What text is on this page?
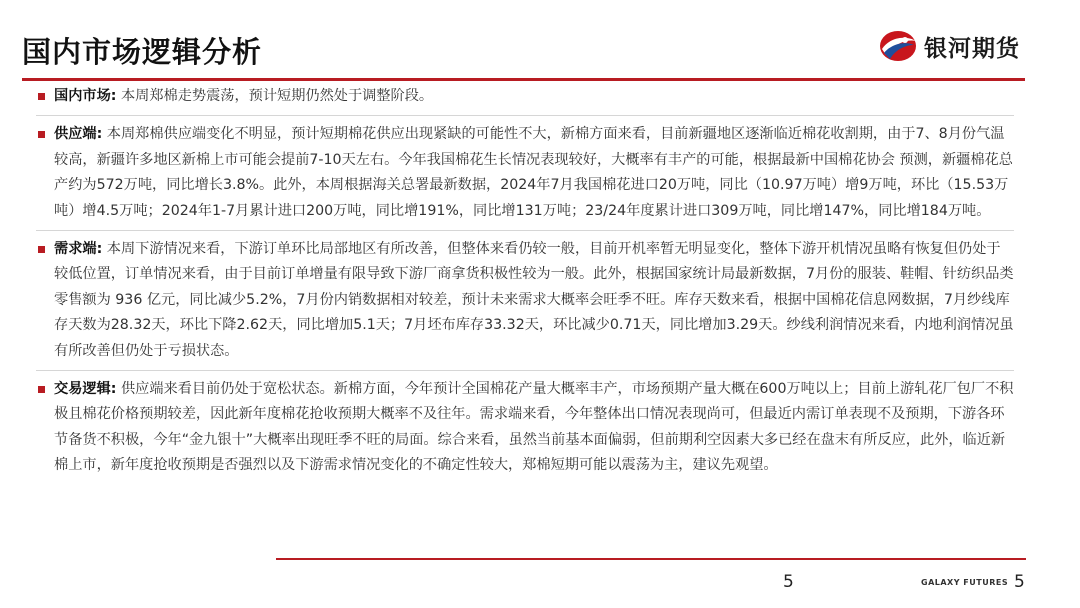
国内市场逻辑分析	银河期货
国内市场: 本周郑棉走势震荡，预计短期仍然处于调整阶段。
供应端: 本周郑棉供应端变化不明显，预计短期棉花供应出现紧缺的可能性不大，新棉方面来看，目前新疆地区逐渐临近棉花收割期，由于7、8月份气温较高，新疆许多地区新棉上市可能会提前7-10天左右。今年我国棉花生长情况表现较好，大概率有丰产的可能，根据最新中国棉花协会 预测，新疆棉花总产约为572万吨，同比增长3.8%。此外，本周根据海关总署最新数据，2024年7月我国棉花进口20万吨，同比（10.97万吨）增9万吨，环比（15.53万吨）增4.5万吨；2024年1-7月累计进口200万吨，同比增191%，同比增131万吨；23/24年度累计进口309万吨，同比增147%，同比增184万吨。
需求端: 本周下游情况来看，下游订单环比局部地区有所改善，但整体来看仍较一般，目前开机率暂无明显变化，整体下游开机情况虽略有恢复但仍处于较低位置，订单情况来看，由于目前订单增量有限导致下游厂商拿货积极性较为一般。此外，根据国家统计局最新数据，7月份的服装、鞋帽、针纺织品类零售额为 936 亿元，同比减少5.2%，7月份内销数据相对较差，预计未来需求大概率会旺季不旺。库存天数来看，根据中国棉花信息网数据，7月纱线库存天数为28.32天，环比下降2.62天，同比增加5.1天；7月坯布库存33.32天，环比减少0.71天，同比增加3.29天。纱线利润情况来看，内地利润情况虽有所改善但仍处于亏损状态。
交易逻辑: 供应端来看目前仍处于宽松状态。新棉方面，今年预计全国棉花产量大概率丰产，市场预期产量大概在600万吨以上；目前上游轧花厂包厂不积极且棉花价格预期较差，因此新年度棉花抢收预期大概率不及往年。需求端来看，今年整体出口情况表现尚可，但最近内需订单表现不及预期，下游各环节备货不积极，今年“金九银十”大概率出现旺季不旺的局面。综合来看，虽然当前基本面偏弱，但前期利空因素大多已经在盘末有所反应，此外，临近新棉上市，新年度抢收预期是否强烈以及下游需求情况变化的不确定性较大，郑棉短期可能以震荡为主，建议先观望。
5	GALAXY FUTURES 5
